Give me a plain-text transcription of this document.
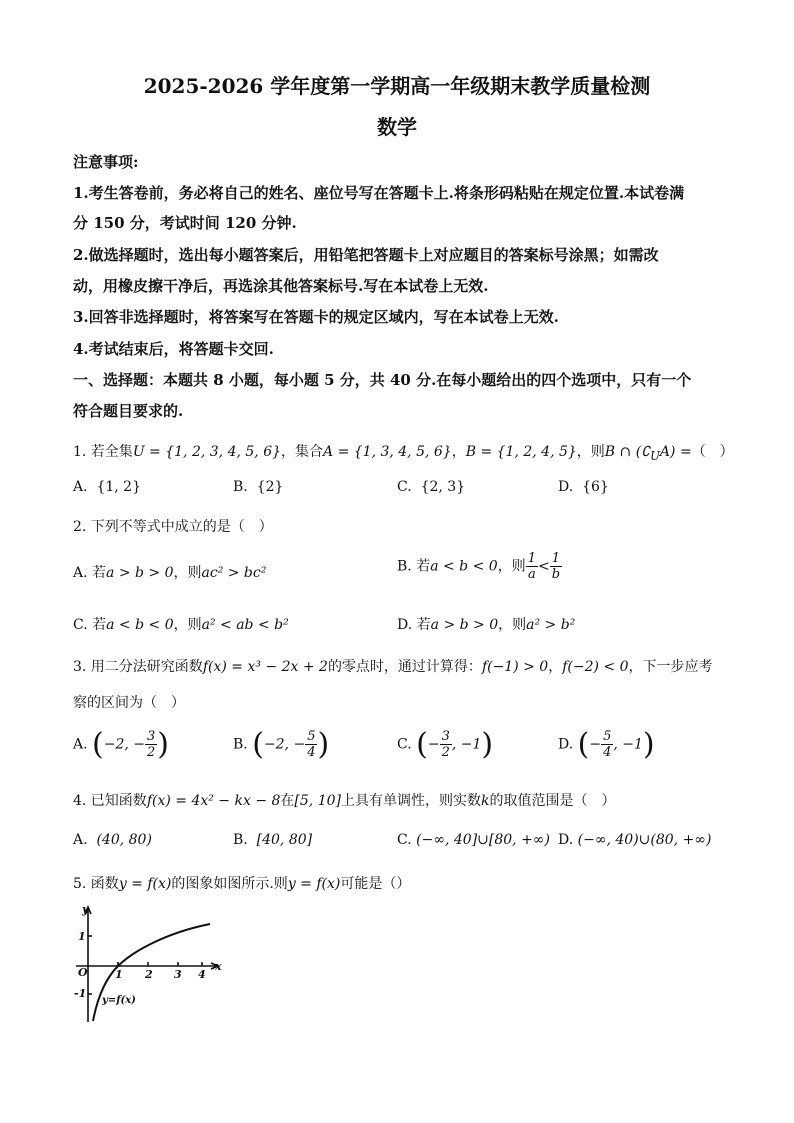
2025-2026 学年度第一学期高一年级期末教学质量检测
数学
注意事项:
1.考生答卷前，务必将自己的姓名、座位号写在答题卡上.将条形码粘贴在规定位置.本试卷满
分 150 分，考试时间 120 分钟.
2.做选择题时，选出每小题答案后，用铅笔把答题卡上对应题目的答案标号涂黑；如需改
动，用橡皮擦干净后，再选涂其他答案标号.写在本试卷上无效.
3.回答非选择题时，将答案写在答题卡的规定区域内，写在本试卷上无效.
4.考试结束后，将答题卡交回.
一、选择题：本题共 8 小题，每小题 5 分，共 40 分.在每小题给出的四个选项中，只有一个
符合题目要求的.
1. 若全集U = {1, 2, 3, 4, 5, 6}，集合A = {1, 3, 4, 5, 6}，B = {1, 2, 4, 5}，则B ∩ $(∁_UA)$ =（　）
A. {1, 2}	B. {2}	C. {2, 3}	D. {6}
2. 下列不等式中成立的是（　）
A. 若a > b > 0，则ac² > bc²	B. 若a < b < 0，则 $\frac{1}{a} < \frac{1}{b}$
C. 若a < b < 0，则a² < ab < b²	D. 若a > b > 0，则a² > b²
3. 用二分法研究函数f(x) = x³ − 2x + 2的零点时，通过计算得：f(−1) > 0，f(−2) < 0，下一步应考
察的区间为（　）
A. (−2, − $\frac{3}{2}$ )	B. (−2, − $\frac{5}{4}$ )	C. (− $\frac{3}{2}$ , −1)	D. (− $\frac{5}{4}$ , −1)
4. 已知函数f(x) = 4x² − kx − 8在[5, 10]上具有单调性，则实数k的取值范围是（　）
A. (40, 80)	B. [40, 80]	C. (−∞, 40]∪[80, +∞) D. (−∞, 40)∪(80, +∞)
5. 函数y = f(x)的图象如图所示.则y = f(x)可能是（）
y
x
O
1
-1
1 2 3 4
y=f(x)
